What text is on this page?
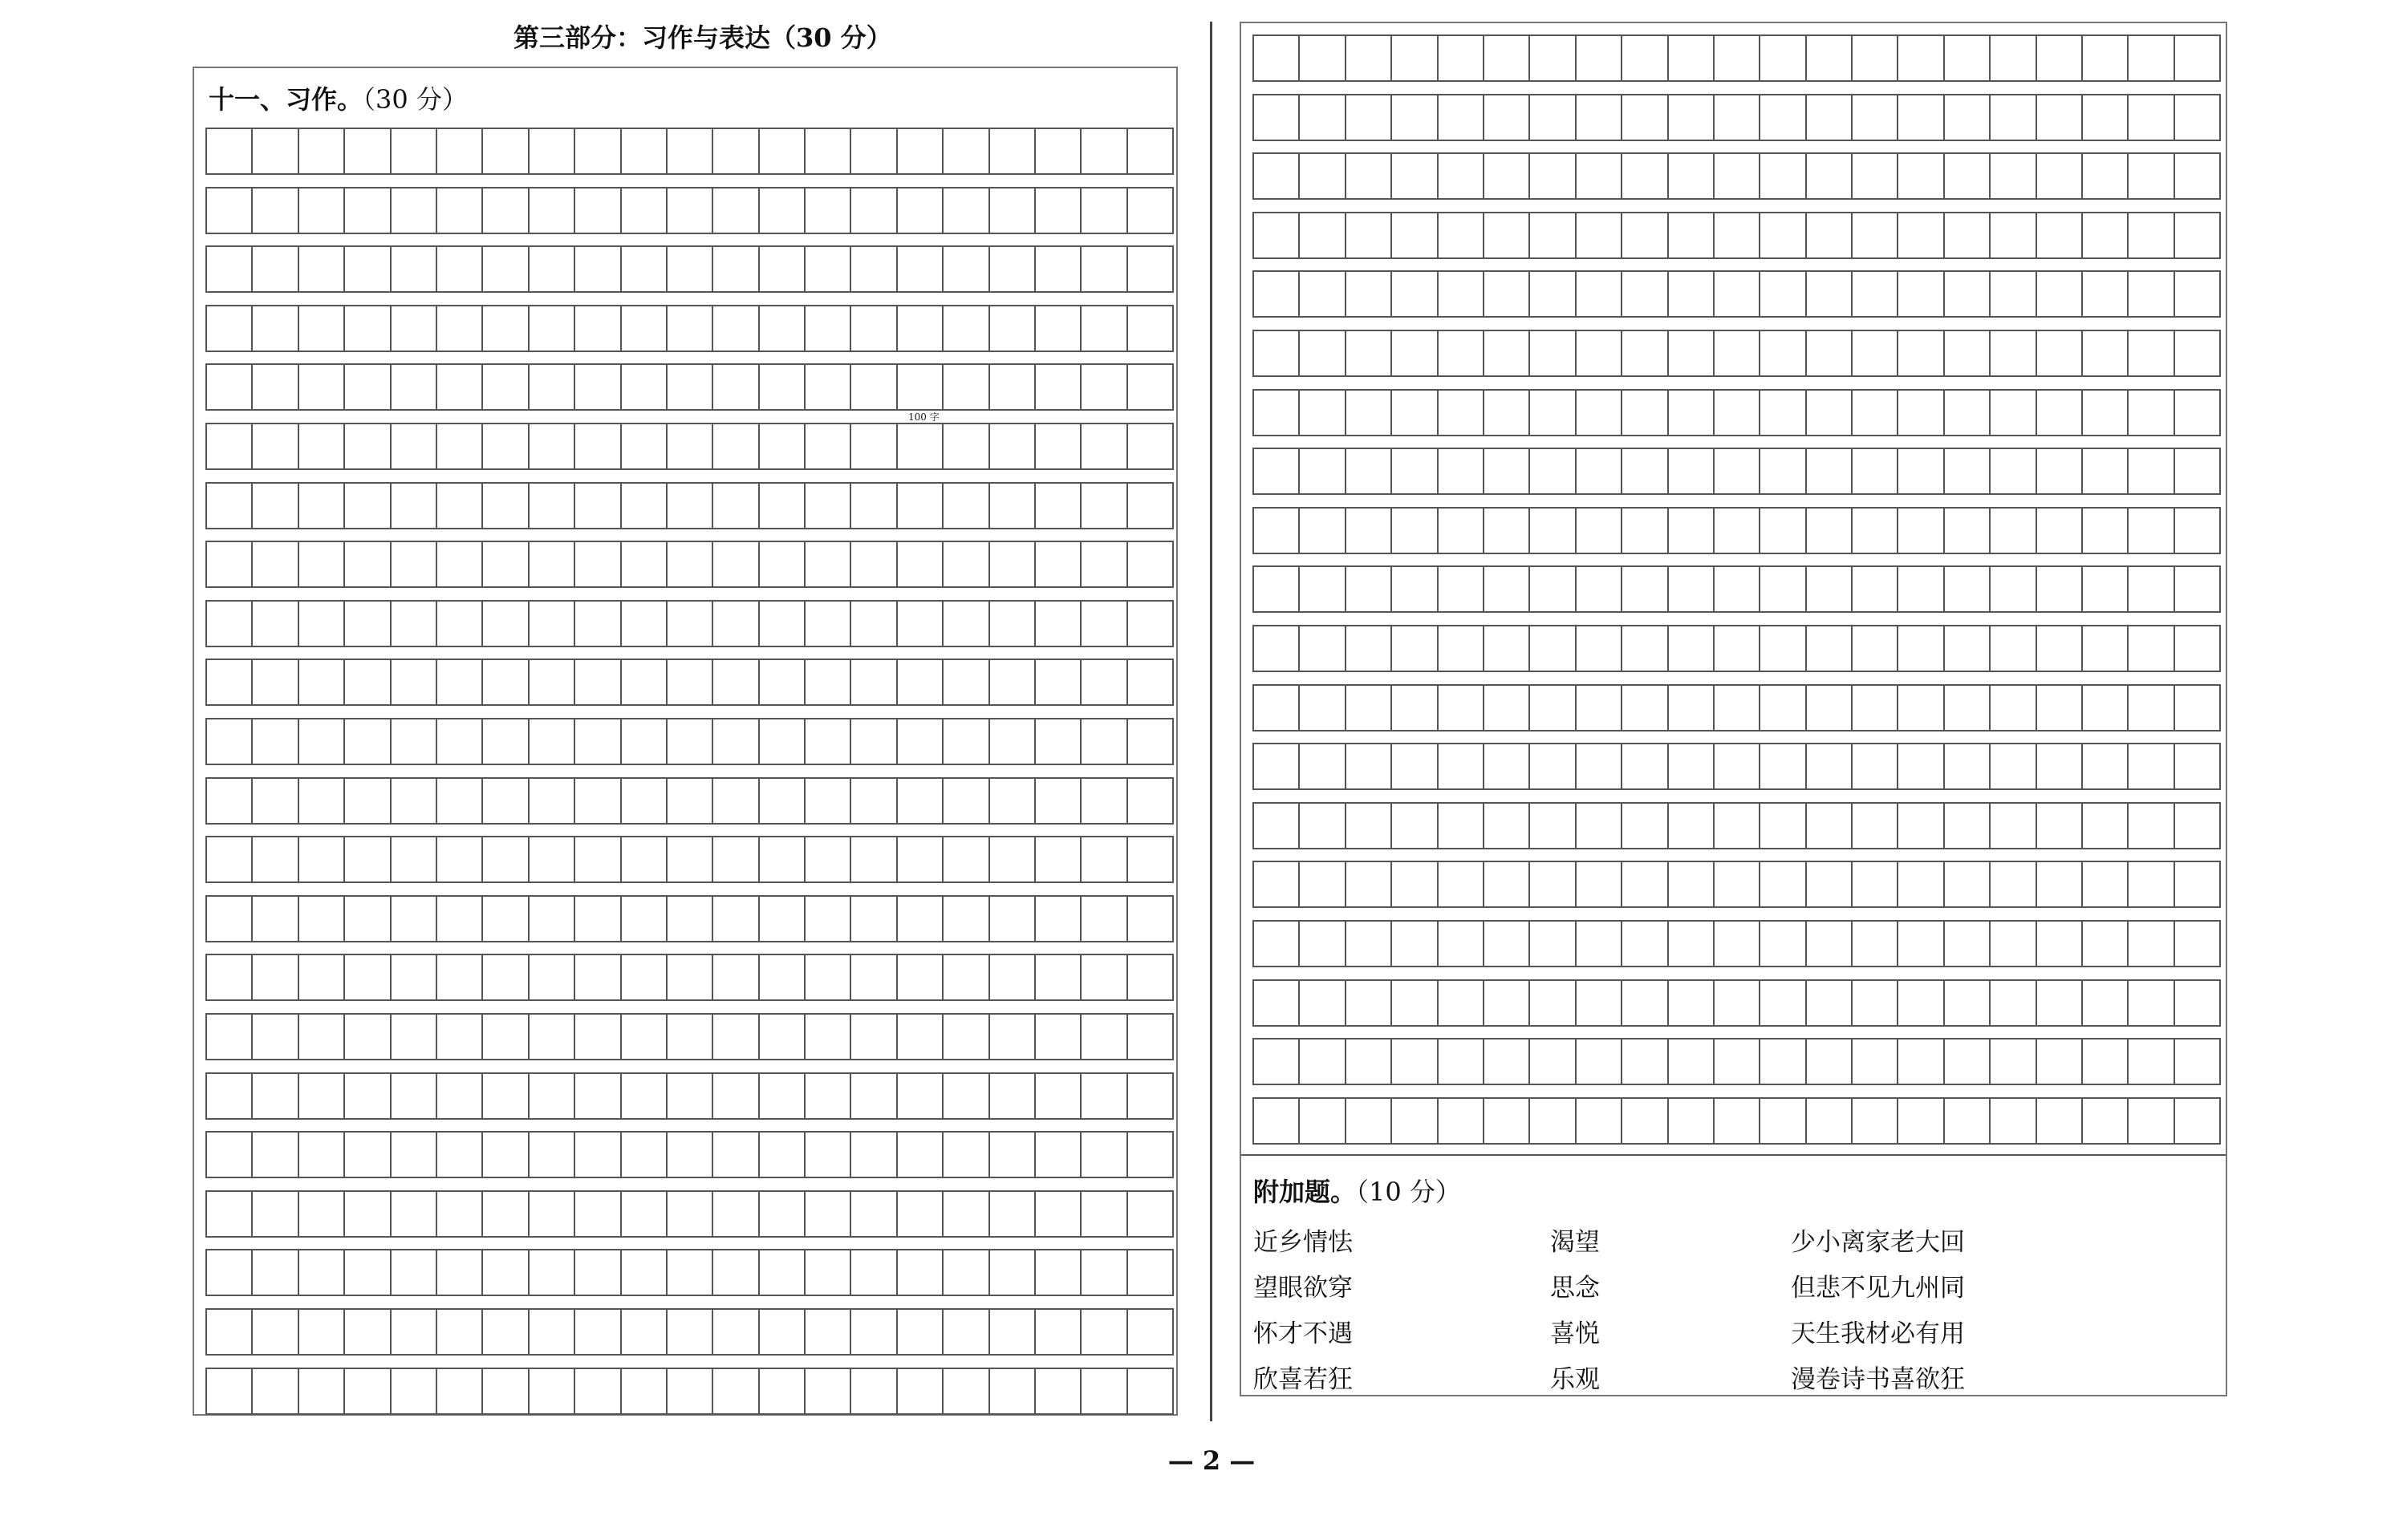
第三部分：习作与表达（30 分）
十一、习作。（30 分）
100 字
附加题。（10 分）
近乡情怯
望眼欲穿
怀才不遇
欣喜若狂
渴望
思念
喜悦
乐观
少小离家老大回
但悲不见九州同
天生我材必有用
漫卷诗书喜欲狂
— 2 —
